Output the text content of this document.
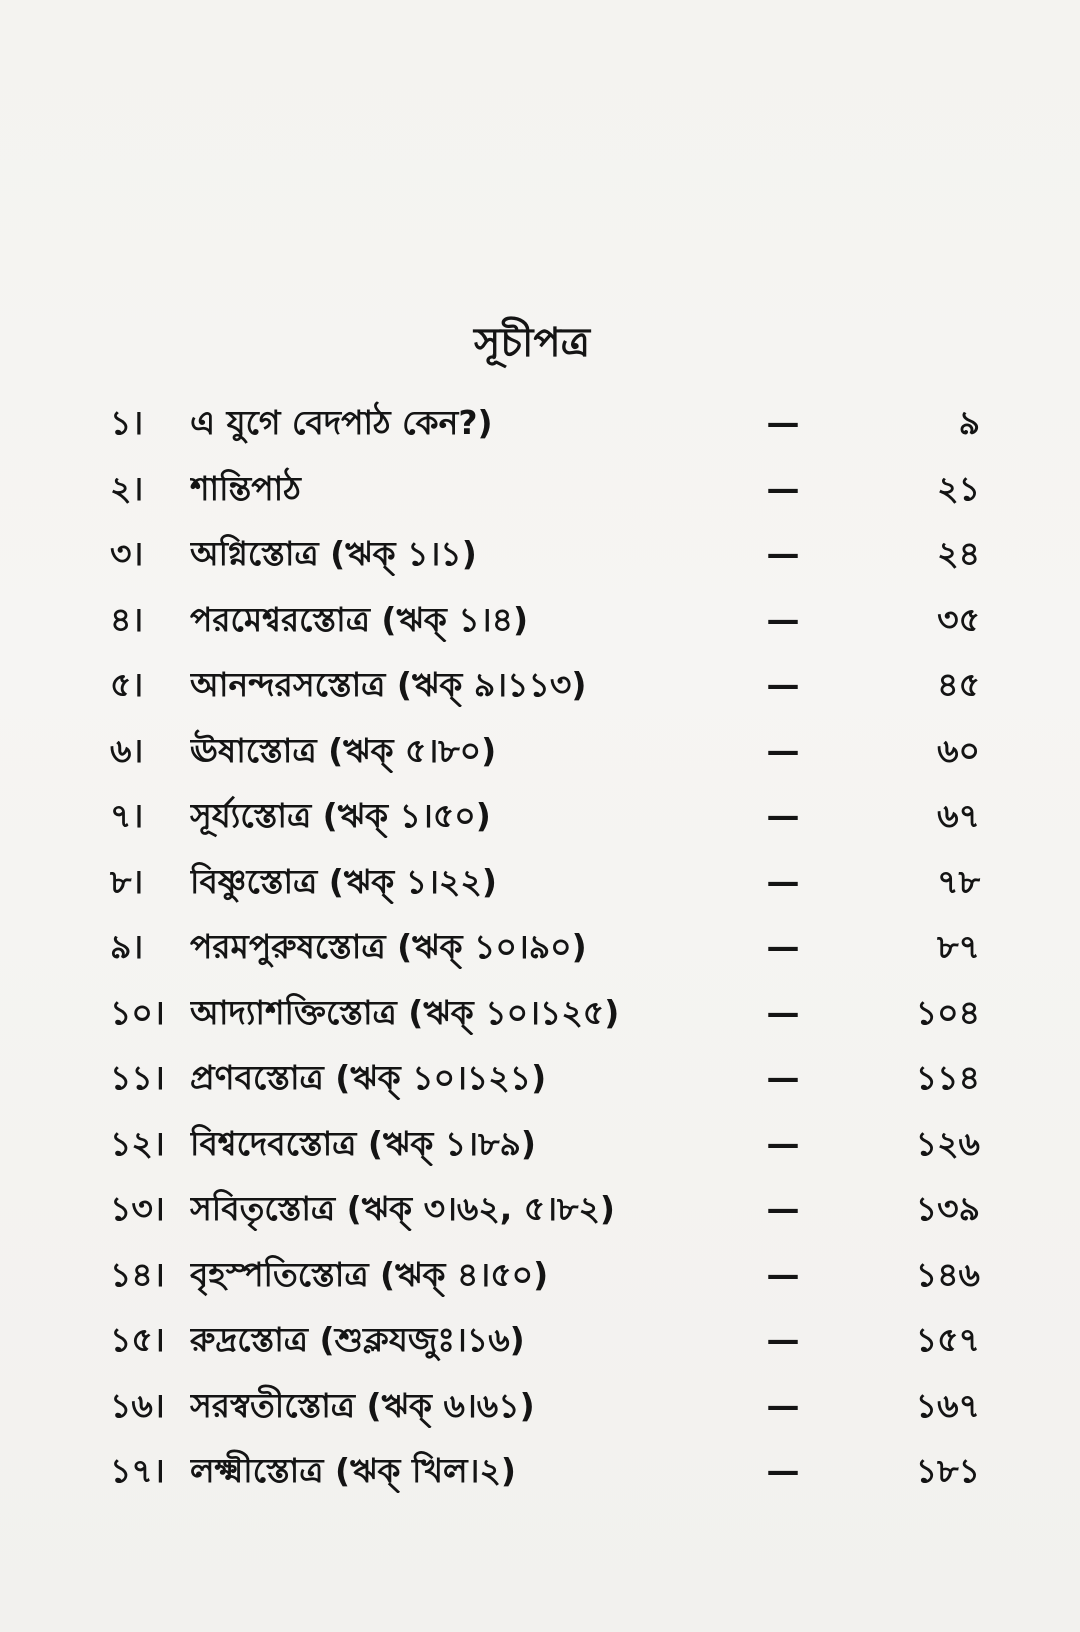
সূচীপত্র
১।	এ যুগে বেদপাঠ কেন?)	—	৯
২।	শান্তিপাঠ	—	২১
৩।	অগ্নিস্তোত্র (ঋক্ ১।১)	—	২৪
৪।	পরমেশ্বরস্তোত্র (ঋক্ ১।৪)	—	৩৫
৫।	আনন্দরসস্তোত্র (ঋক্ ৯।১১৩)	—	৪৫
৬।	ঊষাস্তোত্র (ঋক্ ৫।৮০)	—	৬০
৭।	সূর্য্যস্তোত্র (ঋক্ ১।৫০)	—	৬৭
৮।	বিষ্ণুস্তোত্র (ঋক্ ১।২২)	—	৭৮
৯।	পরমপুরুষস্তোত্র (ঋক্ ১০।৯০)	—	৮৭
১০। আদ্যাশক্তিস্তোত্র (ঋক্ ১০।১২৫)	—	১০৪
১১। প্রণবস্তোত্র (ঋক্ ১০।১২১)	—	১১৪
১২। বিশ্বদেবস্তোত্র (ঋক্ ১।৮৯)	—	১২৬
১৩। সবিতৃস্তোত্র (ঋক্ ৩।৬২, ৫।৮২)	—	১৩৯
১৪। বৃহস্পতিস্তোত্র (ঋক্ ৪।৫০)	—	১৪৬
১৫। রুদ্রস্তোত্র (শুক্লযজুঃ।১৬)	—	১৫৭
১৬। সরস্বতীস্তোত্র (ঋক্ ৬।৬১)	—	১৬৭
১৭। লক্ষ্মীস্তোত্র (ঋক্ খিল।২)	—	১৮১
